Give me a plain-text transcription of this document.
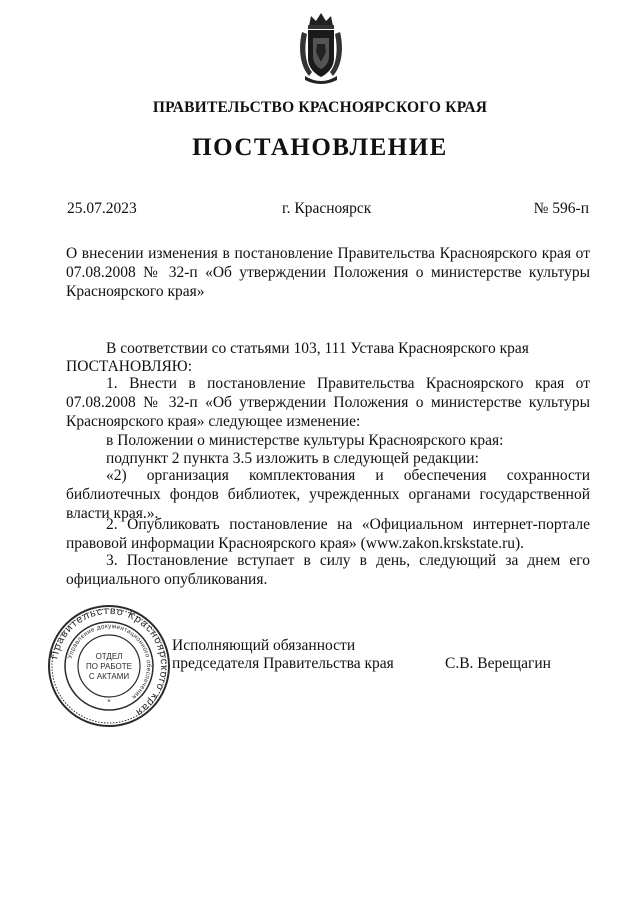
ПРАВИТЕЛЬСТВО КРАСНОЯРСКОГО КРАЯ
ПОСТАНОВЛЕНИЕ
25.07.2023	г. Красноярск	№ 596-п

О внесении изменения в постановление Правительства Красноярского края от 07.08.2008 № 32-п «Об утверждении Положения о министерстве культуры Красноярского края»

В соответствии со статьями 103, 111 Устава Красноярского края

ПОСТАНОВЛЯЮ:

1. Внести в постановление Правительства Красноярского края от 07.08.2008 № 32-п «Об утверждении Положения о министерстве культуры Красноярского края» следующее изменение:

в Положении о министерстве культуры Красноярского края:
подпункт 2 пункта 3.5 изложить в следующей редакции:

«2) организация комплектования и обеспечения сохранности библиотечных фондов библиотек, учрежденных органами государственной власти края.».

2. Опубликовать постановление на «Официальном интернет-портале правовой информации Красноярского края» (www.zakon.krskstate.ru).

3. Постановление вступает в силу в день, следующий за днем его официального опубликования.

Правительство Красноярского края
Управление документационного обеспечения
ОТДЕЛ
ПО РАБОТЕ
С АКТАМИ
*
Исполняющий обязанности
председателя Правительства края	С.В. Верещагин
